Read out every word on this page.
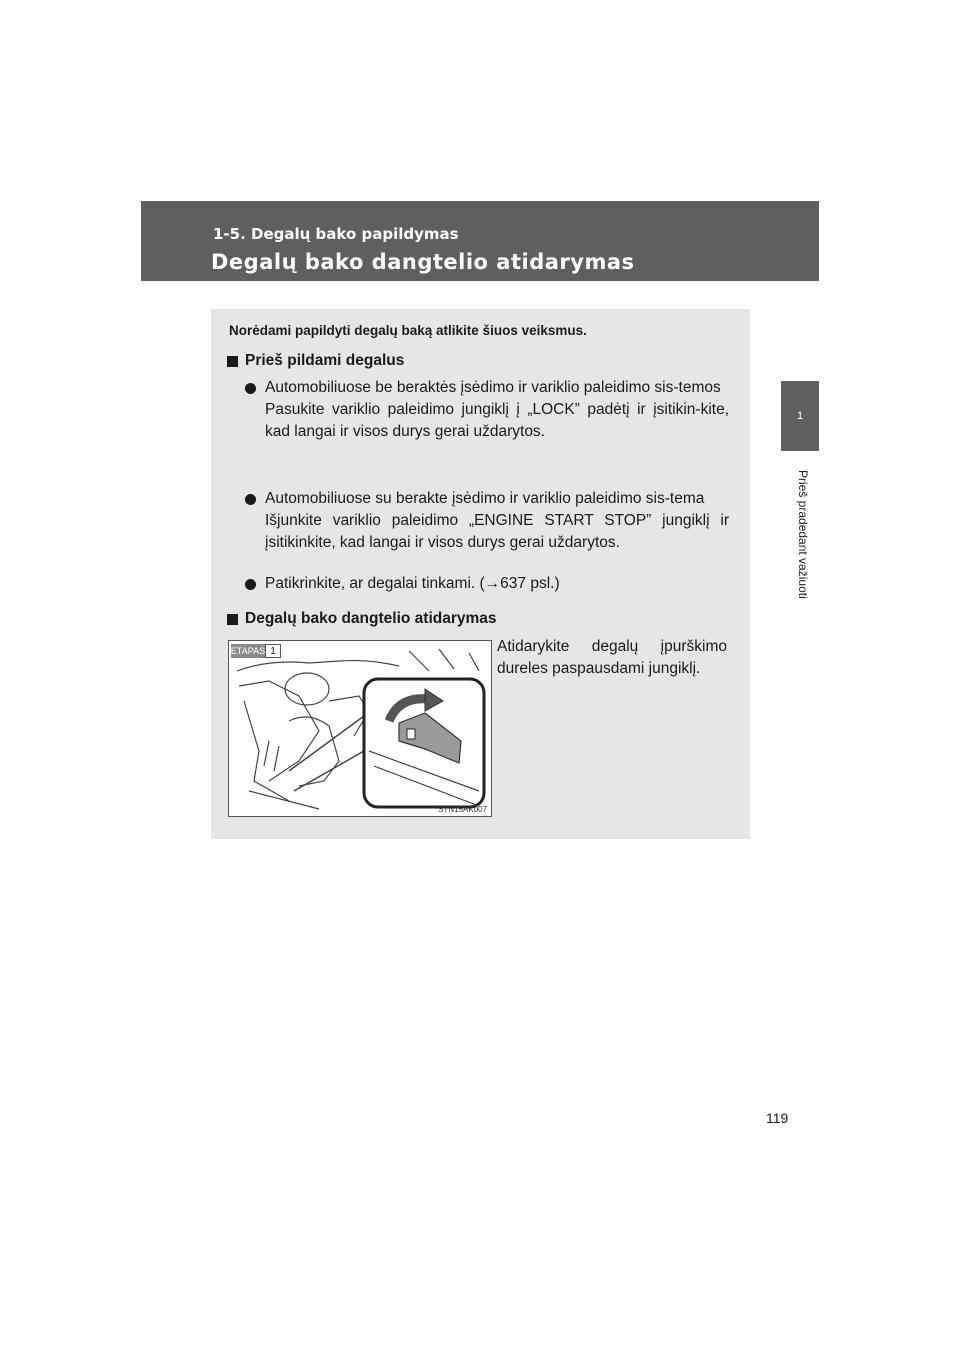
1-5. Degalų bako papildymas
Degalų bako dangtelio atidarymas
1
Prieš pradedant važiuoti
Norėdami papildyti degalų baką atlikite šiuos veiksmus.
Prieš pildami degalus

Automobiliuose be beraktės įsėdimo ir variklio paleidimo sis-temos

Pasukite variklio paleidimo jungiklį į „LOCK” padėtį ir įsitikin-kite, kad langai ir visos durys gerai uždarytos.

Automobiliuose su berakte įsėdimo ir variklio paleidimo sis-tema

Išjunkite variklio paleidimo „ENGINE START STOP” jungiklį ir įsitikinkite, kad langai ir visos durys gerai uždarytos.

Patikrinkite, ar degalai tinkami. (→637 psl.)

Degalų bako dangtelio atidarymas
ETAPAS 1
STN15AK007
Atidarykite degalų įpurškimo dureles paspausdami jungiklį.
119
